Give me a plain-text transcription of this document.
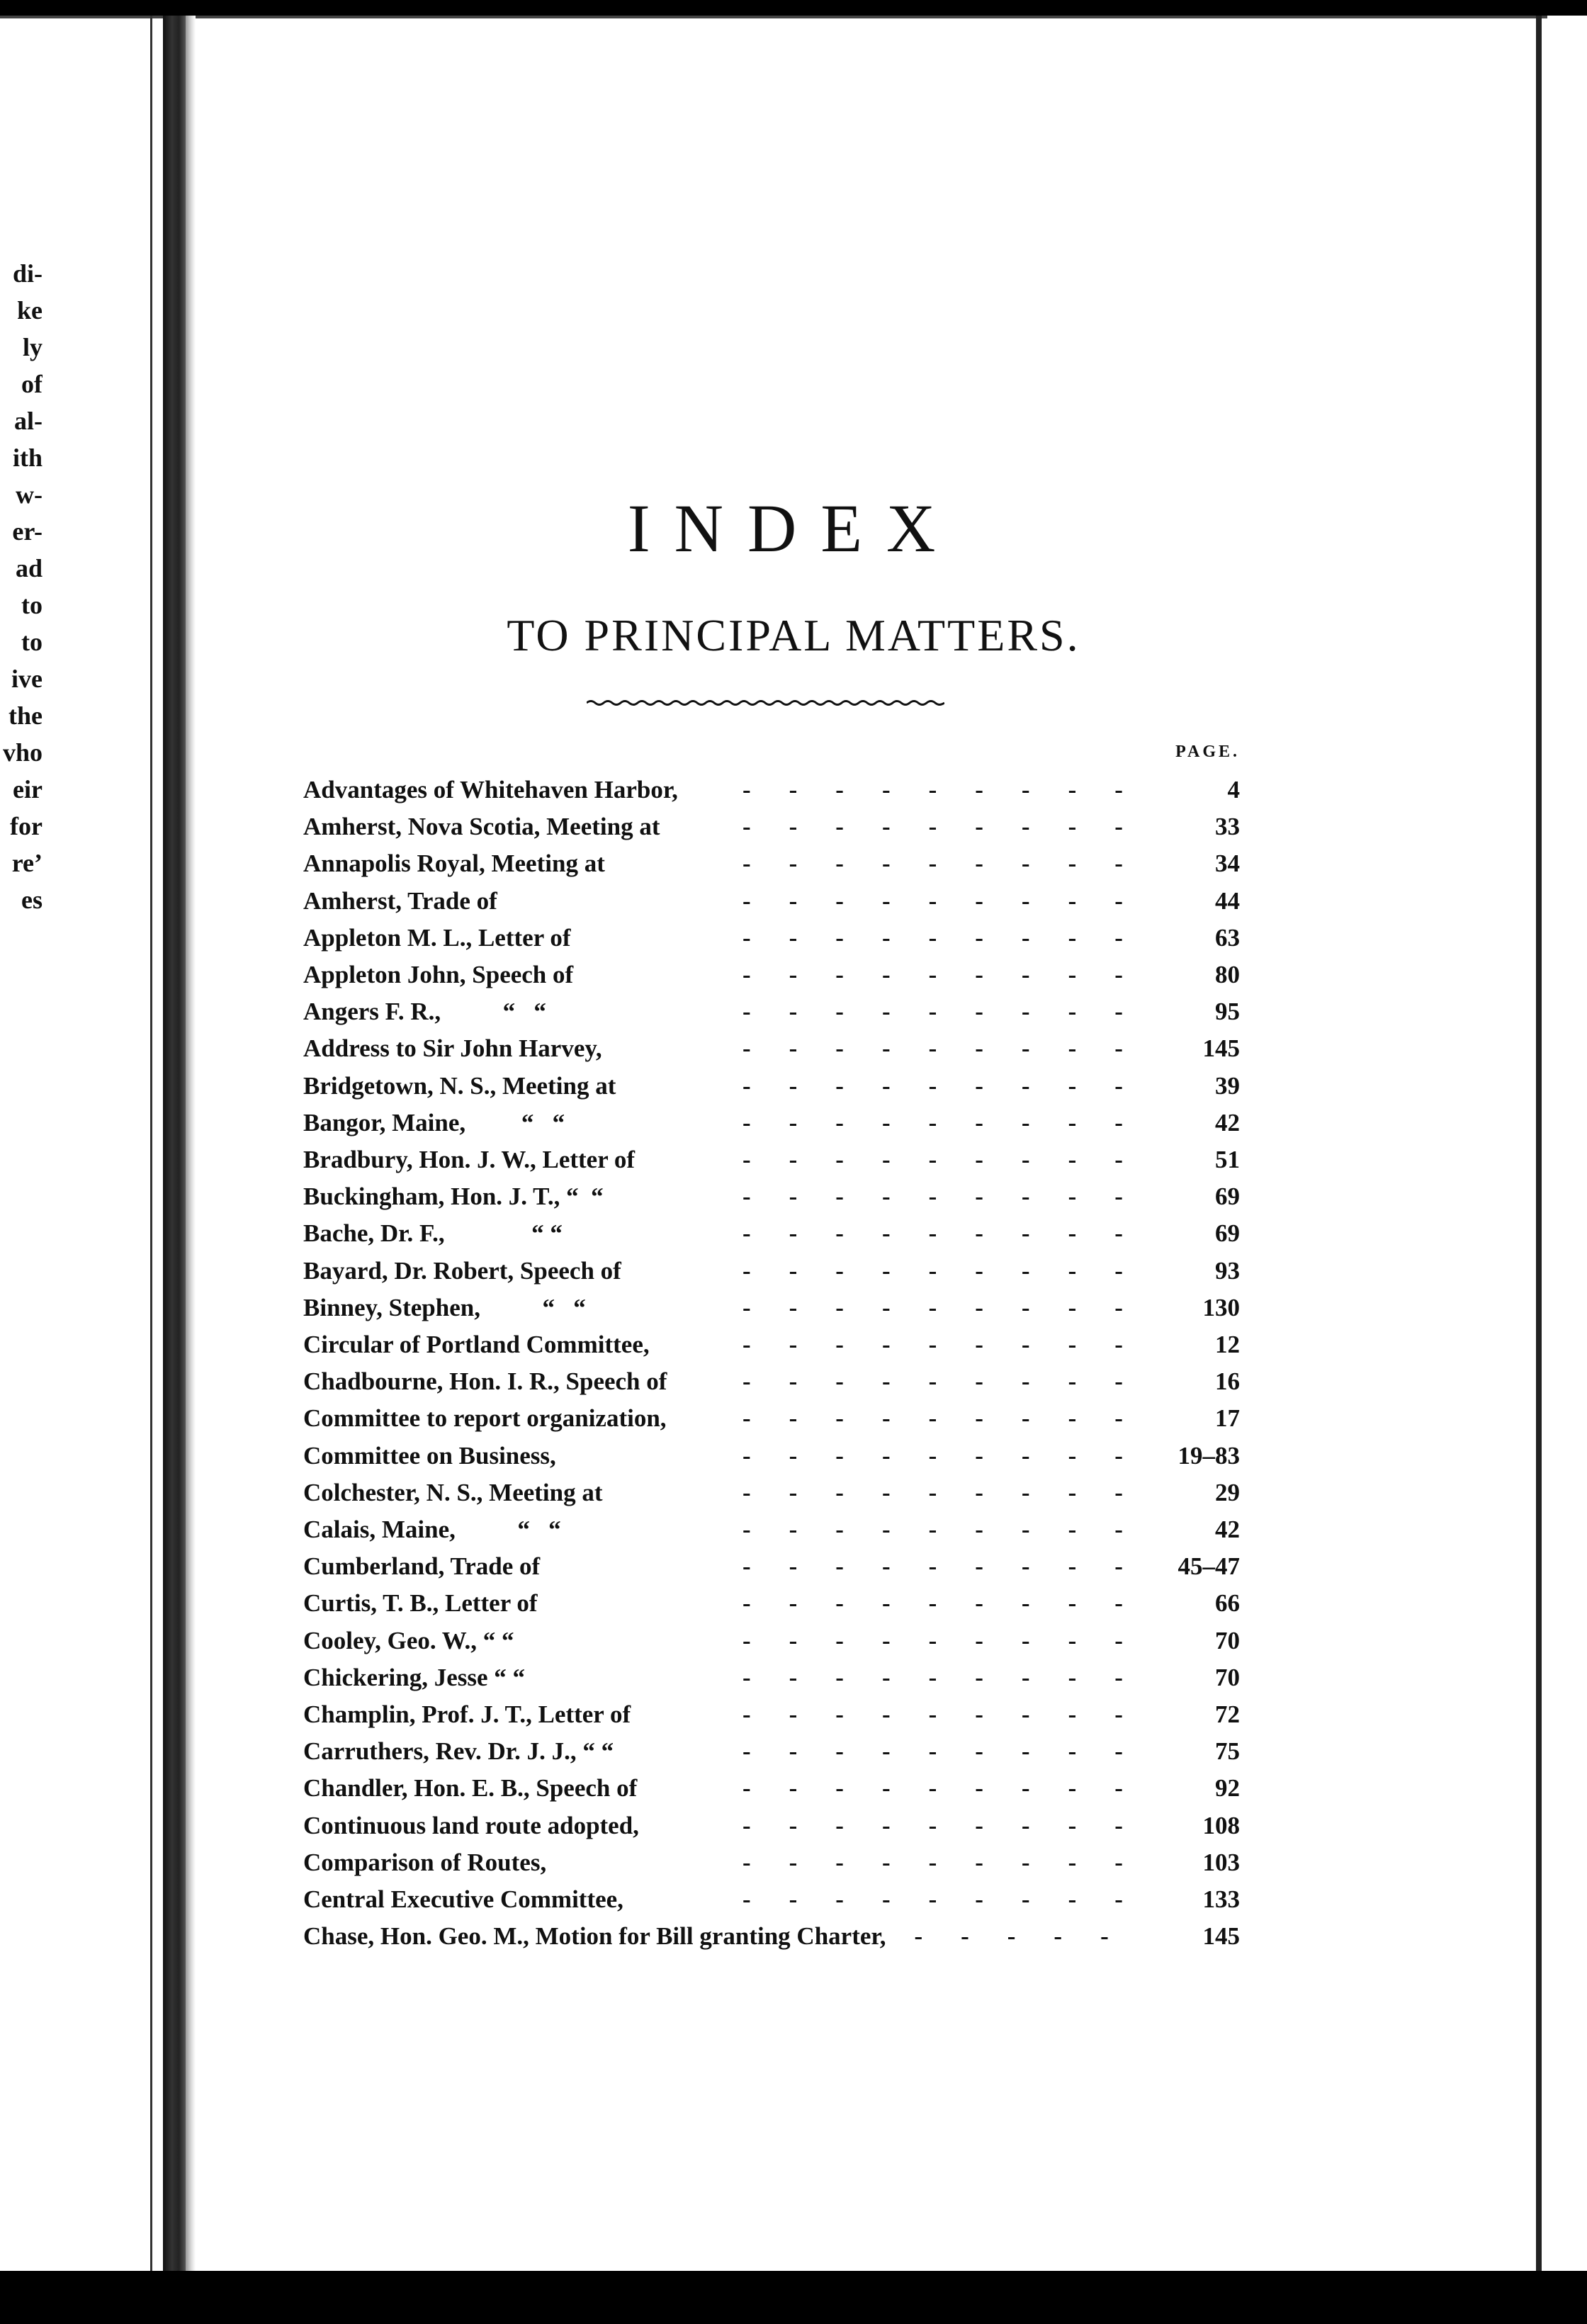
di-
ke
ly
of
al-
ith
w-
er-
ad
to
to
ive
the
vho
eir
for
reʼ
es
INDEX
TO PRINCIPAL MATTERS.
PAGE.
Advantages of Whitehaven Harbor,	4
---------
Amherst, Nova Scotia, Meeting at	33
---------
Annapolis Royal, Meeting at	34
---------
Amherst, Trade of	44
---------
Appleton M. L., Letter of	63
---------
Appleton John, Speech of	80
---------
Angers F. R.,          “   “	95
---------
Address to Sir John Harvey,	145
---------
Bridgetown, N. S., Meeting at	39
---------
Bangor, Maine,         “   “	42
---------
Bradbury, Hon. J. W., Letter of	51
---------
Buckingham, Hon. J. T., “  “	69
---------
Bache, Dr. F.,              “ “	69
---------
Bayard, Dr. Robert, Speech of	93
---------
Binney, Stephen,          “   “	130
---------
Circular of Portland Committee,	12
---------
Chadbourne, Hon. I. R., Speech of	16
---------
Committee to report organization,	17
---------
Committee on Business,	19–83
---------
Colchester, N. S., Meeting at	29
---------
Calais, Maine,          “   “	42
---------
Cumberland, Trade of	45–47
---------
Curtis, T. B., Letter of	66
---------
Cooley, Geo. W., “ “	70
---------
Chickering, Jesse “ “	70
---------
Champlin, Prof. J. T., Letter of	72
---------
Carruthers, Rev. Dr. J. J., “ “	75
---------
Chandler, Hon. E. B., Speech of	92
---------
Continuous land route adopted,	108
---------
Comparison of Routes,	103
---------
Central Executive Committee,	133
---------
Chase, Hon. Geo. M., Motion for Bill granting Charter,	145
-----
